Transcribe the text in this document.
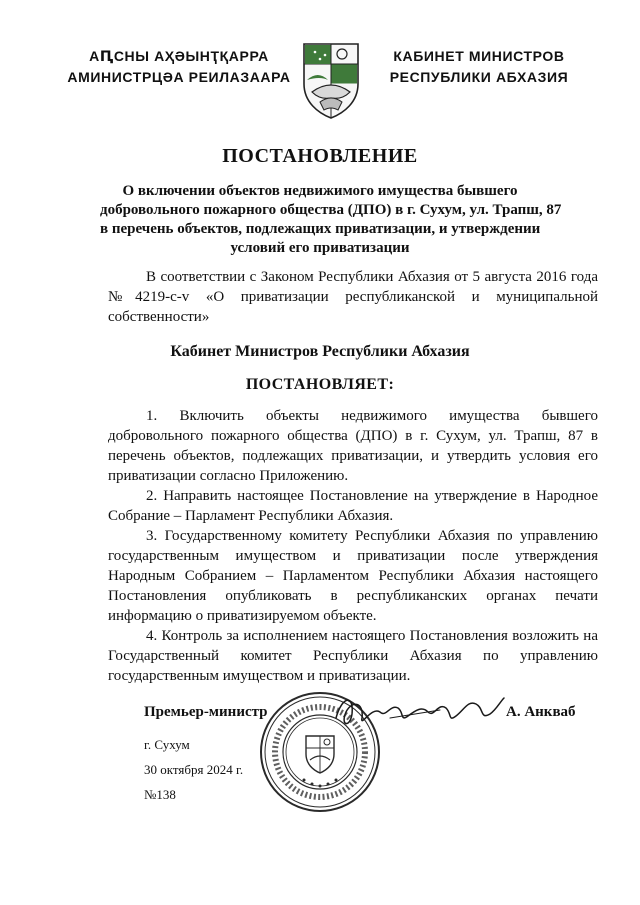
АԤСНЫ АҲӘЫНҬҚАРРА
АМИНИСТРЦӘА РЕИЛАЗААРА
КАБИНЕТ МИНИСТРОВ
РЕСПУБЛИКИ АБХАЗИЯ
ПОСТАНОВЛЕНИЕ
О включении объектов недвижимого имущества бывшего
добровольного пожарного общества (ДПО) в г. Сухум, ул. Трапш, 87
в перечень объектов, подлежащих приватизации, и утверждении
условий его приватизации

В соответствии с Законом Республики Абхазия от 5 августа 2016 года №4219-с-v «О приватизации республиканской и муниципальной собственности»

Кабинет Министров Республики Абхазия
ПОСТАНОВЛЯЕТ:

1. Включить объекты недвижимого имущества бывшего добровольного пожарного общества (ДПО) в г. Сухум, ул. Трапш, 87 в перечень объектов, подлежащих приватизации, и утвердить условия его приватизации согласно Приложению.

2. Направить настоящее Постановление на утверждение в Народное Собрание – Парламент Республики Абхазия.

3. Государственному комитету Республики Абхазия по управлению государственным имуществом и приватизации после утверждения Народным Собранием – Парламентом Республики Абхазия настоящего Постановления опубликовать в республиканских органах печати информацию о приватизируемом объекте.

4. Контроль за исполнением настоящего Постановления возложить на Государственный комитет Республики Абхазия по управлению государственным имуществом и приватизации.

Премьер-министр	А. Анкваб
г. Сухум
30 октября 2024 г.
№138
